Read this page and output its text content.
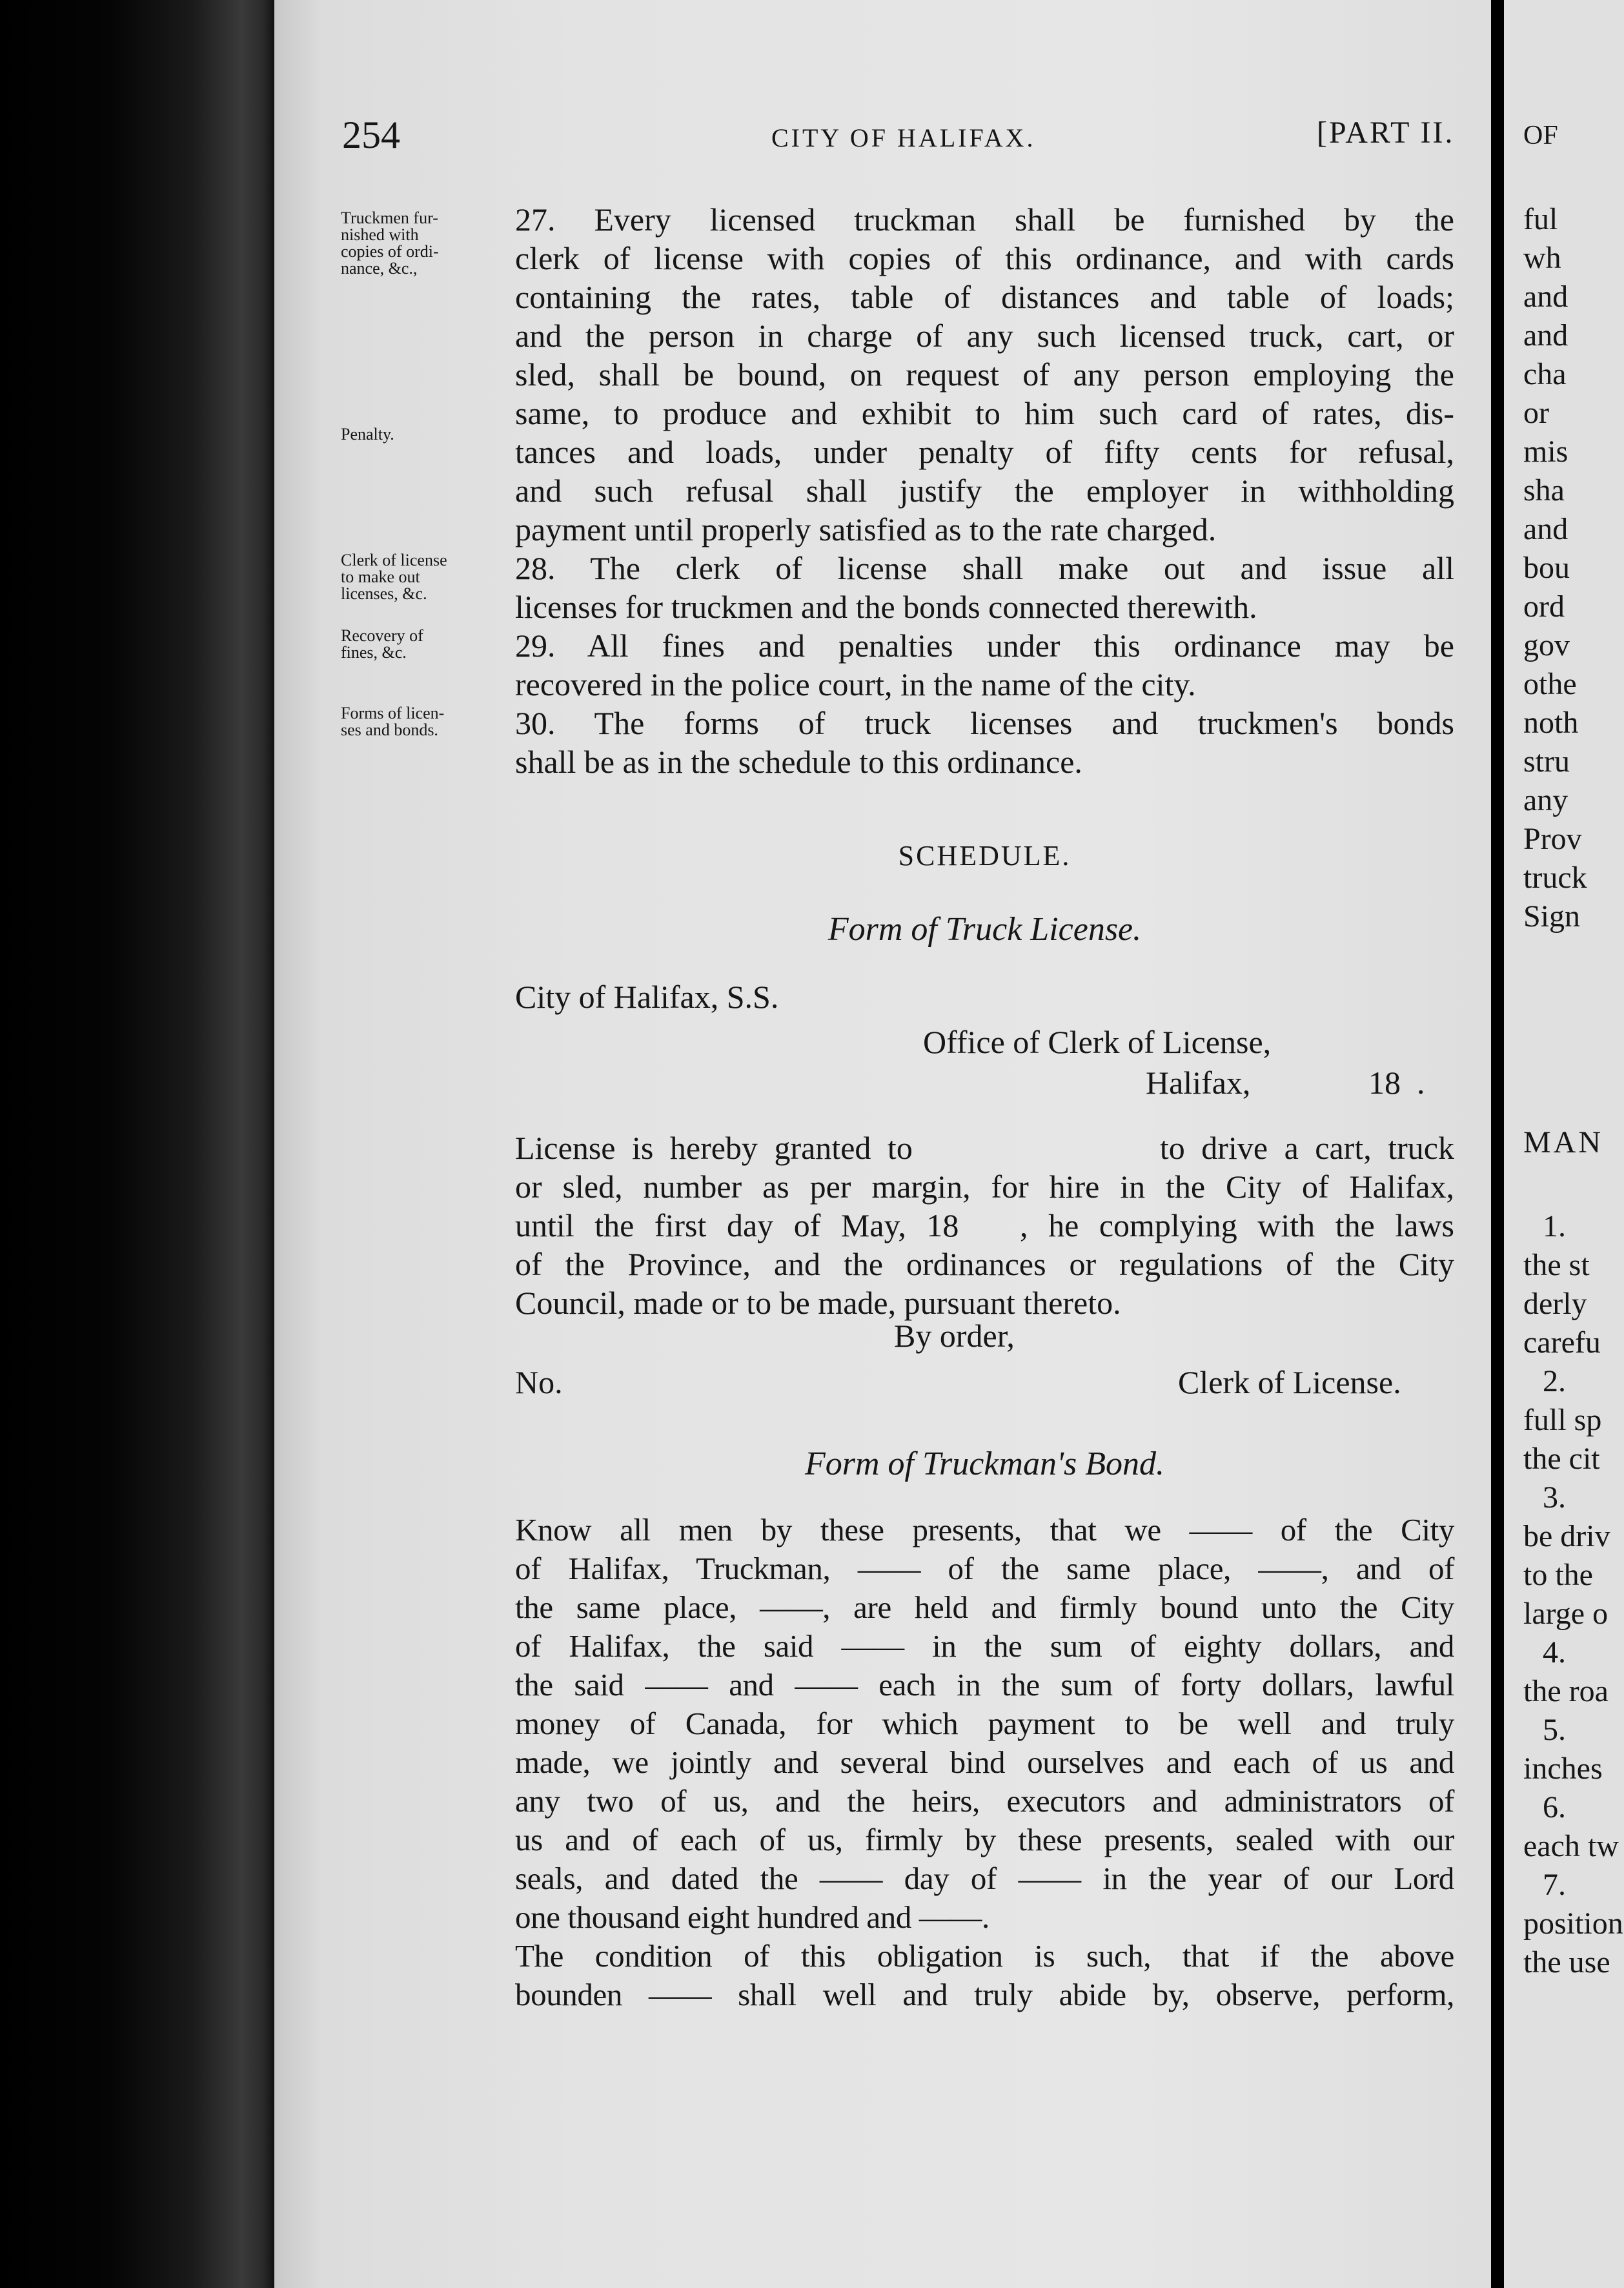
254	CITY OF HALIFAX.	[PART II.
Truckmen fur-
nished with
copies of ordi-
nance, &c.,
Penalty.
Clerk of license
to make out
licenses, &c.
Recovery of
fines, &c.
Forms of licen-
ses and bonds.
27. Every licensed truckman shall be furnished by the
clerk of license with copies of this ordinance, and with cards
containing the rates, table of distances and table of loads;
and the person in charge of any such licensed truck, cart, or
sled, shall be bound, on request of any person employing the
same, to produce and exhibit to him such card of rates, dis-
tances and loads, under penalty of fifty cents for refusal,
and such refusal shall justify the employer in withholding
payment until properly satisfied as to the rate charged.
28. The clerk of license shall make out and issue all
licenses for truckmen and the bonds connected therewith.
29. All fines and penalties under this ordinance may be
recovered in the police court, in the name of the city.
30. The forms of truck licenses and truckmen's bonds
shall be as in the schedule to this ordinance.
SCHEDULE.
Form of Truck License.
Form of Truckman's Bond.
City of Halifax, S.S.
Office of Clerk of License,
Halifax,	18  .
License is hereby granted to               to drive a cart, truck
or sled, number as per margin, for hire in the City of Halifax,
until the first day of May, 18   , he complying with the laws
of the Province, and the ordinances or regulations of the City
Council, made or to be made, pursuant thereto.
By order,
No.	Clerk of License.
Know all men by these presents, that we —— of the City
of Halifax, Truckman, —— of the same place, ——, and of
the same place, ——, are held and firmly bound unto the City
of Halifax, the said —— in the sum of eighty dollars, and
the said —— and —— each in the sum of forty dollars, lawful
money of Canada, for which payment to be well and truly
made, we jointly and several bind ourselves and each of us and
any two of us, and the heirs, executors and administrators of
us and of each of us, firmly by these presents, sealed with our
seals, and dated the —— day of —— in the year of our Lord
one thousand eight hundred and ——.
The condition of this obligation is such, that if the above
bounden —— shall well and truly abide by, observe, perform,
OF
ful
wh
and
and
cha
or
mis
sha
and
bou
ord
gov
othe
noth
stru
any
Prov
truck
Sign
MAN
1.
the st
derly
carefu
2.
full sp
the cit
3.
be driv
to the
large o
4.
the roa
5.
inches
6.
each tw
7.
position
the use
